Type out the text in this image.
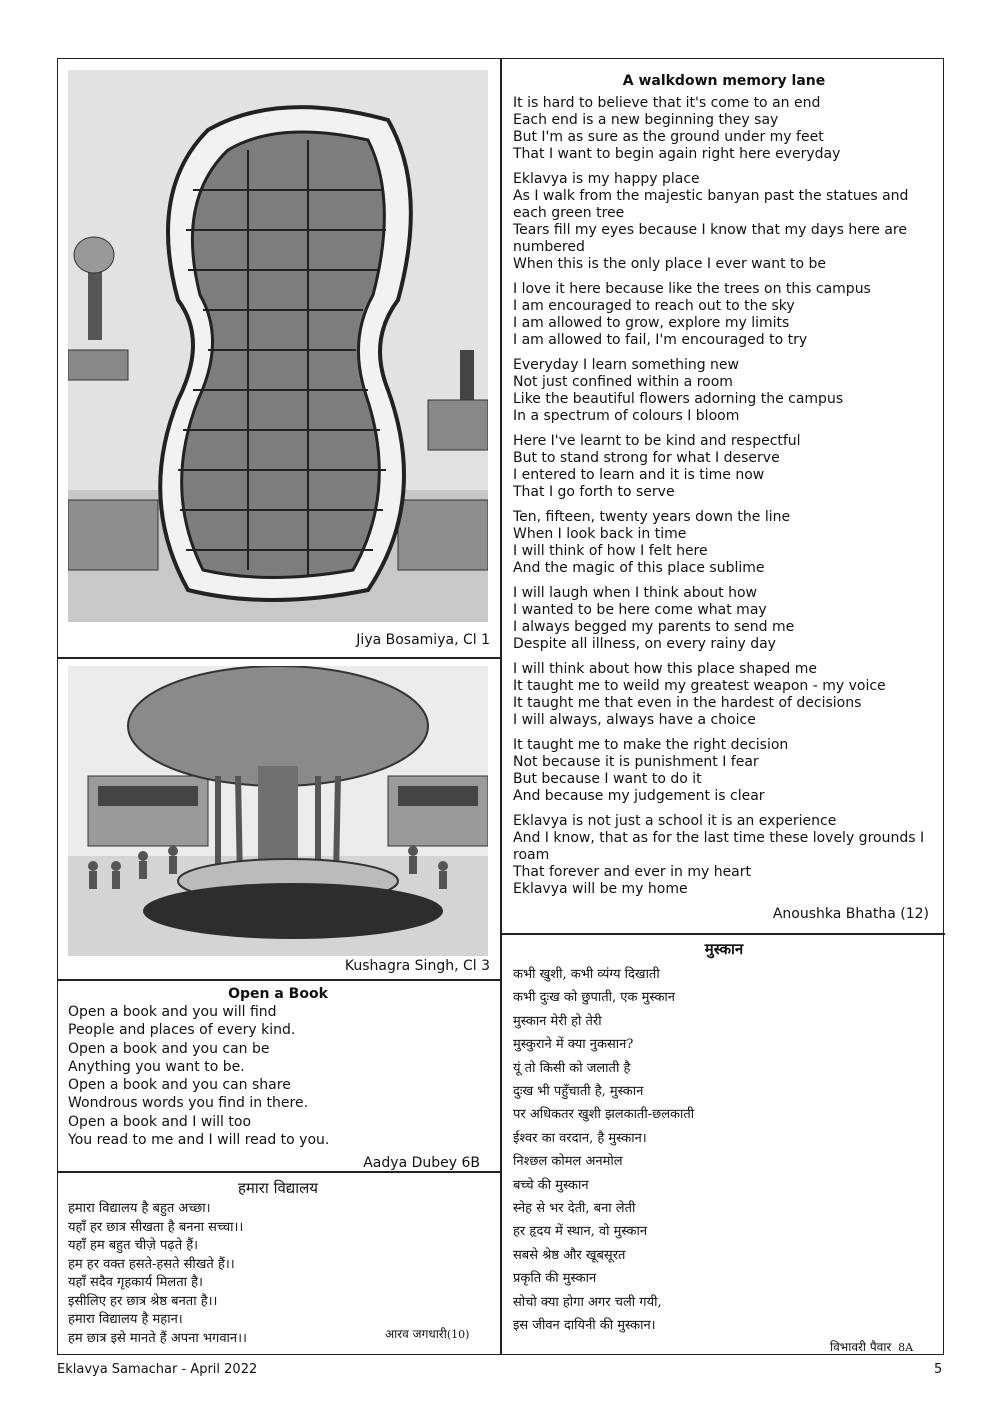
Jiya Bosamiya, Cl 1
Kushagra Singh, Cl 3
Open a Book
Open a book and you will find
People and places of every kind.
Open a book and you can be
Anything you want to be.
Open a book and you can share
Wondrous words you find in there.
Open a book and I will too
You read to me and I will read to you.
Aadya Dubey 6B
हमारा विद्यालय
हमारा विद्यालय है बहुत अच्छा।
यहाँ हर छात्र सीखता है बनना सच्चा।।
यहाँ हम बहुत चीज़े पढ़ते हैं।
हम हर वक्त हसते-हसते सीखते हैं।।
यहाँ सदैव गृहकार्य मिलता है।
इसीलिए हर छात्र श्रेष्ठ बनता है।।
हमारा विद्यालय है महान।
हम छात्र इसे मानते हैं अपना भगवान।।	आरव जगधारी(10)
A walkdown memory lane
It is hard to believe that it's come to an end
Each end is a new beginning they say
But I'm as sure as the ground under my feet
That I want to begin again right here everyday
Eklavya is my happy place
As I walk from the majestic banyan past the statues and each green tree
Tears fill my eyes because I know that my days here are numbered
When this is the only place I ever want to be
I love it here because like the trees on this campus
I am encouraged to reach out to the sky
I am allowed to grow, explore my limits
I am allowed to fail, I'm encouraged to try
Everyday I learn something new
Not just confined within a room
Like the beautiful flowers adorning the campus
In a spectrum of colours I bloom
Here I've learnt to be kind and respectful
But to stand strong for what I deserve
I entered to learn and it is time now
That I go forth to serve
Ten, fifteen, twenty years down the line
When I look back in time
I will think of how I felt here
And the magic of this place sublime
I will laugh when I think about how
I wanted to be here come what may
I always begged my parents to send me
Despite all illness, on every rainy day
I will think about how this place shaped me
It taught me to weild my greatest weapon - my voice
It taught me that even in the hardest of decisions
I will always, always have a choice
It taught me to make the right decision
Not because it is punishment I fear
But because I want to do it
And because my judgement is clear
Eklavya is not just a school it is an experience
And I know, that as for the last time these lovely grounds I roam
That forever and ever in my heart
Eklavya will be my home
Anoushka Bhatha (12)
मुस्कान
कभी खुशी, कभी व्यंग्य दिखाती
कभी दुःख को छुपाती, एक मुस्कान
मुस्कान मेरी हो तेरी
मुस्कुराने में क्या नुकसान?
यूं तो किसी को जलाती है
दुःख भी पहुँचाती है, मुस्कान
पर अधिकतर खुशी झलकाती-छलकाती
ईश्वर का वरदान, है मुस्कान।
निश्छल कोमल अनमोल
बच्चे की मुस्कान
स्नेह से भर देती, बना लेती
हर हृदय में स्थान, वो मुस्कान
सबसे श्रेष्ठ और खूबसूरत
प्रकृति की मुस्कान
सोचो क्या होगा अगर चली गयी,
इस जीवन दायिनी की मुस्कान।
विभावरी पैवार 8A
Eklavya Samachar - April 2022	5
